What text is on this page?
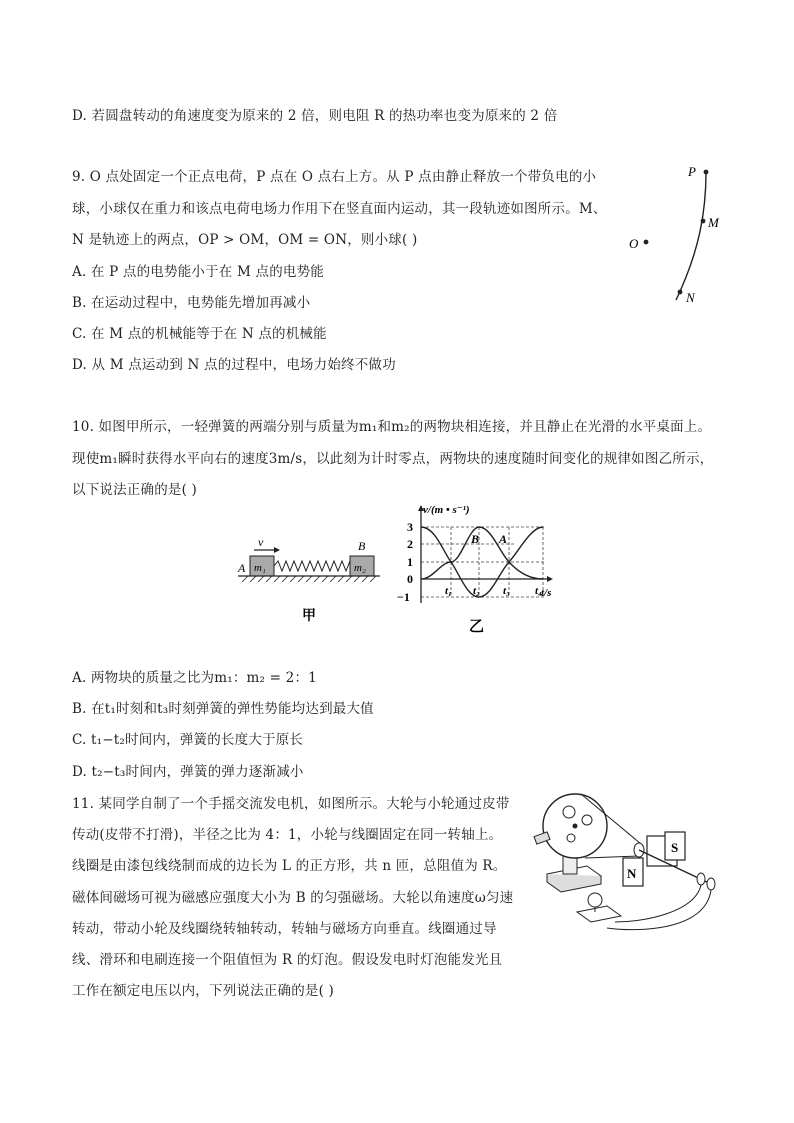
D. 若圆盘转动的角速度变为原来的 2 倍，则电阻 R 的热功率也变为原来的 2 倍
9. O 点处固定一个正点电荷，P 点在 O 点右上方。从 P 点由静止释放一个带负电的小
球，小球仅在重力和该点电荷电场力作用下在竖直面内运动，其一段轨迹如图所示。M、
N 是轨迹上的两点，OP > OM，OM = ON，则小球( )
A. 在 P 点的电势能小于在 M 点的电势能
B. 在运动过程中，电势能先增加再减小
C. 在 M 点的机械能等于在 N 点的机械能
D. 从 M 点运动到 N 点的过程中，电场力始终不做功
P
M
O
N
10. 如图甲所示，一轻弹簧的两端分别与质量为m₁和m₂的两物块相连接，并且静止在光滑的水平桌面上。
现使m₁瞬时获得水平向右的速度3m/s，以此刻为计时零点，两物块的速度随时间变化的规律如图乙所示，
以下说法正确的是( )
v
m₁
A	m₂
B
甲
v/(m • s⁻¹)
t/s
3
2
1
0
−1
B A
t₁ t₂ t₃ t₄
乙
A. 两物块的质量之比为m₁：m₂ = 2：1
B. 在t₁时刻和t₃时刻弹簧的弹性势能均达到最大值
C. t₁−t₂时间内，弹簧的长度大于原长
D. t₂−t₃时间内，弹簧的弹力逐渐减小
11. 某同学自制了一个手摇交流发电机，如图所示。大轮与小轮通过皮带
传动(皮带不打滑)，半径之比为 4：1，小轮与线圈固定在同一转轴上。
线圈是由漆包线绕制而成的边长为 L 的正方形，共 n 匝，总阻值为 R。
磁体间磁场可视为磁感应强度大小为 B 的匀强磁场。大轮以角速度ω匀速
转动，带动小轮及线圈绕转轴转动，转轴与磁场方向垂直。线圈通过导
线、滑环和电刷连接一个阻值恒为 R 的灯泡。假设发电时灯泡能发光且
工作在额定电压以内，下列说法正确的是( )
N
S
